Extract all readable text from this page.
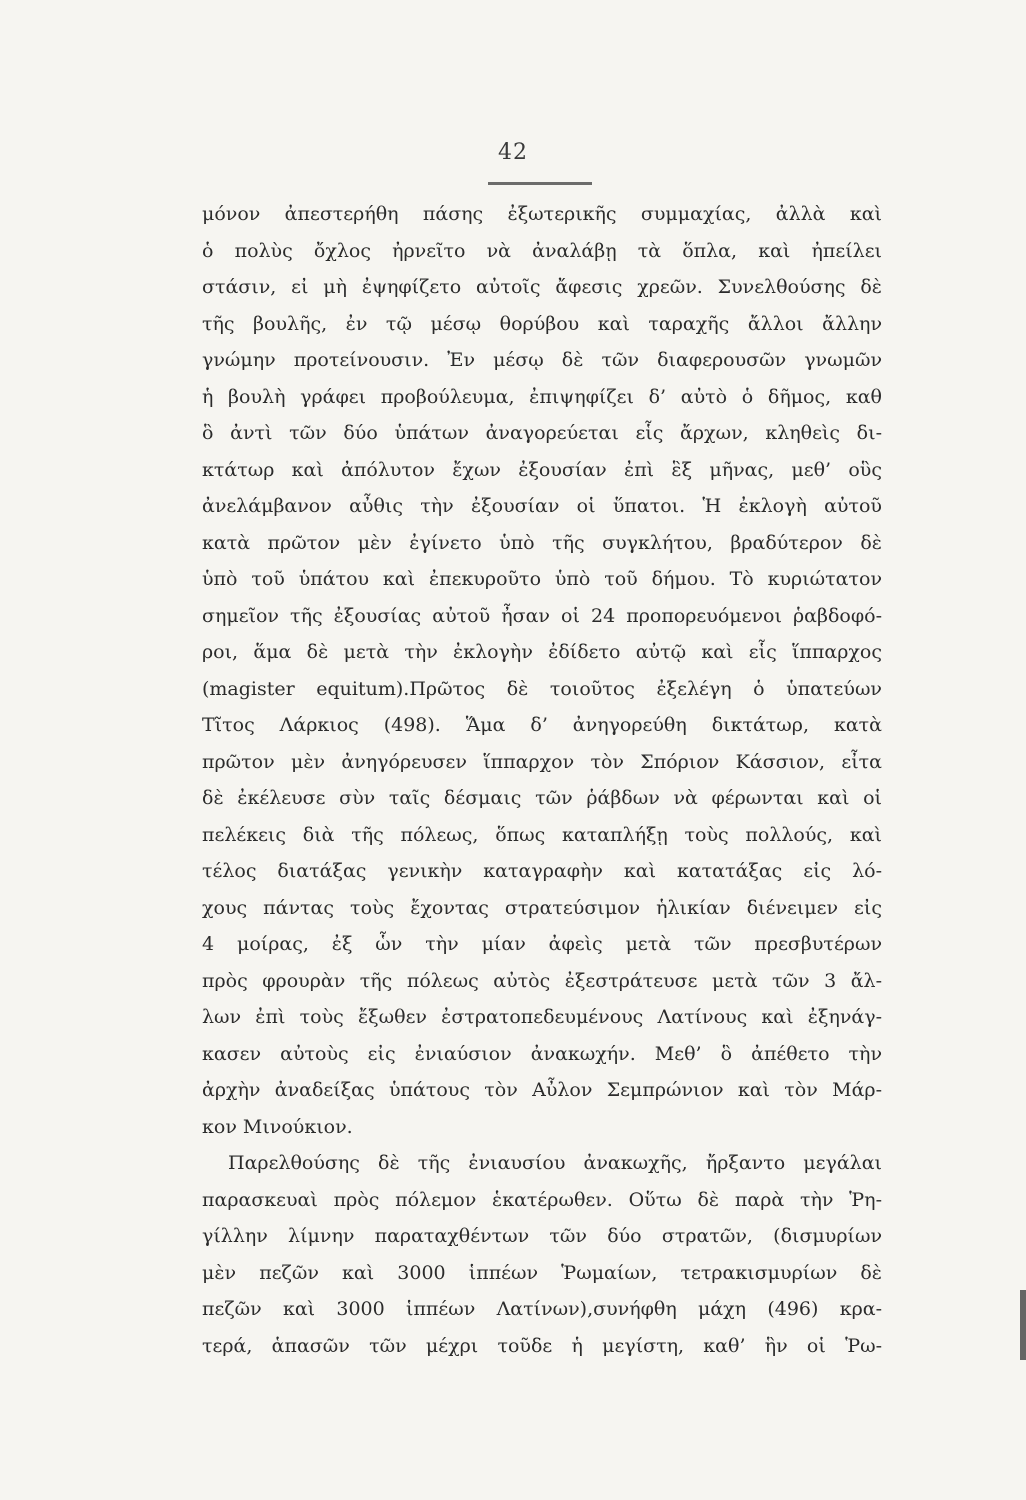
42
μόνον ἀπεστερήθη πάσης ἐξωτερικῆς συμμαχίας, ἀλλὰ καὶ
ὁ πολὺς ὄχλος ἠρνεῖτο νὰ ἀναλάβῃ τὰ ὅπλα, καὶ ἠπείλει
στάσιν, εἰ μὴ ἐψηφίζετο αὐτοῖς ἄφεσις χρεῶν. Συνελθούσης δὲ
τῆς βουλῆς, ἐν τῷ μέσῳ θορύβου καὶ ταραχῆς ἄλλοι ἄλλην
γνώμην προτείνουσιν. Ἐν μέσῳ δὲ τῶν διαφερουσῶν γνωμῶν
ἡ βουλὴ γράφει προβούλευμα, ἐπιψηφίζει δ’ αὐτὸ ὁ δῆμος, καθ
ὃ ἀντὶ τῶν δύο ὑπάτων ἀναγορεύεται εἷς ἄρχων, κληθεὶς δι-
κτάτωρ καὶ ἀπόλυτον ἔχων ἐξουσίαν ἐπὶ ἓξ μῆνας, μεθ’ οὓς
ἀνελάμβανον αὖθις τὴν ἐξουσίαν οἱ ὕπατοι. Ἡ ἐκλογὴ αὐτοῦ
κατὰ πρῶτον μὲν ἐγίνετο ὑπὸ τῆς συγκλήτου, βραδύτερον δὲ
ὑπὸ τοῦ ὑπάτου καὶ ἐπεκυροῦτο ὑπὸ τοῦ δήμου. Τὸ κυριώτατον
σημεῖον τῆς ἐξουσίας αὐτοῦ ἦσαν οἱ 24 προπορευόμενοι ῥαβδοφό-
ροι, ἅμα δὲ μετὰ τὴν ἐκλογὴν ἐδίδετο αὐτῷ καὶ εἷς ἵππαρχος
(magister equitum).Πρῶτος δὲ τοιοῦτος ἐξελέγη ὁ ὑπατεύων
Τῖτος Λάρκιος (498). Ἅμα δ’ ἀνηγορεύθη δικτάτωρ, κατὰ
πρῶτον μὲν ἀνηγόρευσεν ἵππαρχον τὸν Σπόριον Κάσσιον, εἶτα
δὲ ἐκέλευσε σὺν ταῖς δέσμαις τῶν ῥάβδων νὰ φέρωνται καὶ οἱ
πελέκεις διὰ τῆς πόλεως, ὅπως καταπλήξῃ τοὺς πολλούς, καὶ
τέλος διατάξας γενικὴν καταγραφὴν καὶ κατατάξας εἰς λό-
χους πάντας τοὺς ἔχοντας στρατεύσιμον ἡλικίαν διένειμεν εἰς
4 μοίρας, ἐξ ὧν τὴν μίαν ἀφεὶς μετὰ τῶν πρεσβυτέρων
πρὸς φρουρὰν τῆς πόλεως αὐτὸς ἐξεστράτευσε μετὰ τῶν 3 ἄλ-
λων ἐπὶ τοὺς ἔξωθεν ἐστρατοπεδευμένους Λατίνους καὶ ἐξηνάγ-
κασεν αὐτοὺς εἰς ἐνιαύσιον ἀνακωχήν. Μεθ’ ὃ ἀπέθετο τὴν
ἀρχὴν ἀναδείξας ὑπάτους τὸν Αὖλον Σεμπρώνιον καὶ τὸν Μάρ-
κον Μινούκιον.
Παρελθούσης δὲ τῆς ἐνιαυσίου ἀνακωχῆς, ἤρξαντο μεγάλαι
παρασκευαὶ πρὸς πόλεμον ἑκατέρωθεν. Οὕτω δὲ παρὰ τὴν Ῥη-
γίλλην λίμνην παραταχθέντων τῶν δύο στρατῶν, (δισμυρίων
μὲν πεζῶν καὶ 3000 ἱππέων Ῥωμαίων, τετρακισμυρίων δὲ
πεζῶν καὶ 3000 ἱππέων Λατίνων),συνήφθη μάχη (496) κρα-
τερά, ἁπασῶν τῶν μέχρι τοῦδε ἡ μεγίστη, καθ’ ἣν οἱ Ῥω-
